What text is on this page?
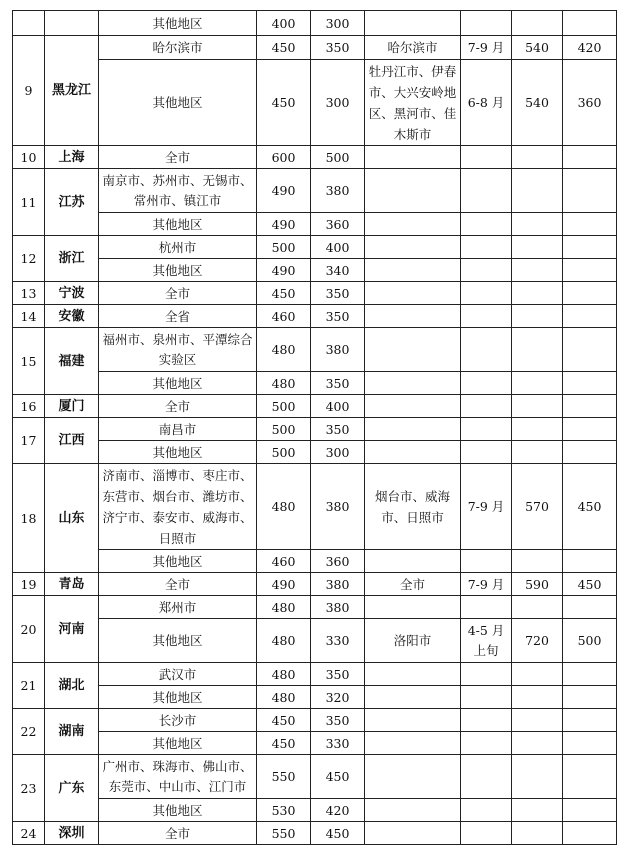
		其他地区	400	300				
9	黑龙江	哈尔滨市	450	350	哈尔滨市	7-9 月	540	420
		其他地区	450	300	牡丹江市、伊春市、大兴安岭地区、黑河市、佳木斯市	6-8 月	540	360
10	上海	全市	600	500				
11	江苏	南京市、苏州市、无锡市、常州市、镇江市	490	380				
		其他地区	490	360				
12	浙江	杭州市	500	400				
		其他地区	490	340				
13	宁波	全市	450	350				
14	安徽	全省	460	350				
15	福建	福州市、泉州市、平潭综合实验区	480	380				
		其他地区	480	350				
16	厦门	全市	500	400				
17	江西	南昌市	500	350				
		其他地区	500	300				
18	山东	济南市、淄博市、枣庄市、东营市、烟台市、潍坊市、济宁市、泰安市、威海市、日照市	480	380	烟台市、威海市、日照市	7-9 月	570	450
		其他地区	460	360				
19	青岛	全市	490	380	全市	7-9 月	590	450
20	河南	郑州市	480	380				
		其他地区	480	330	洛阳市	4-5 月上旬	720	500
21	湖北	武汉市	480	350				
		其他地区	480	320				
22	湖南	长沙市	450	350				
		其他地区	450	330				
23	广东	广州市、珠海市、佛山市、东莞市、中山市、江门市	550	450				
		其他地区	530	420				
24	深圳	全市	550	450				
